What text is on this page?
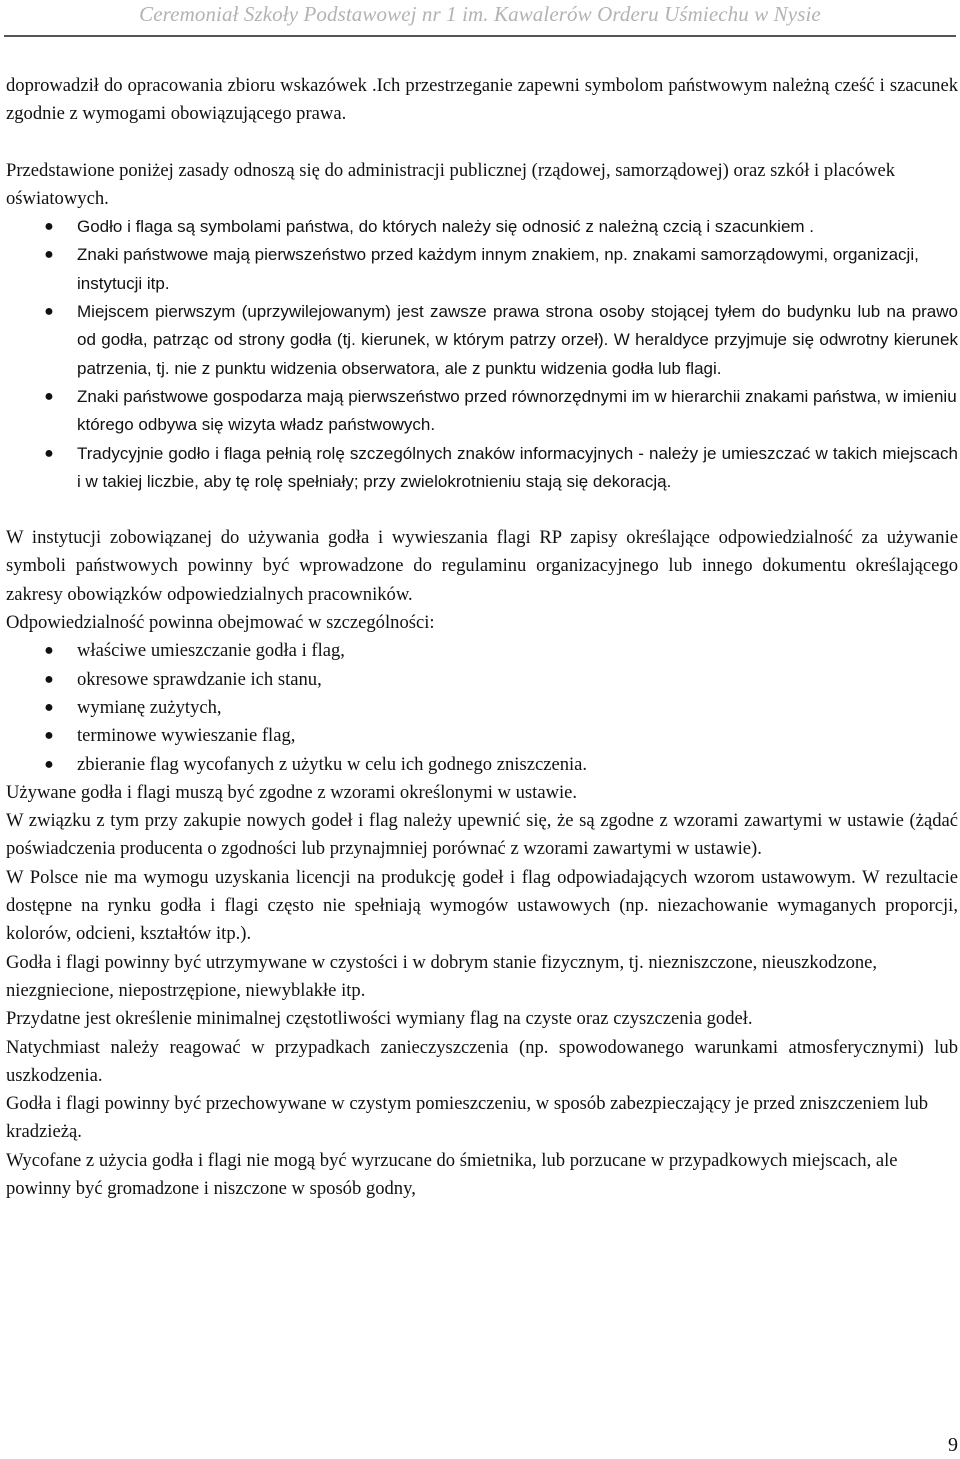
Ceremoniał Szkoły Podstawowej nr 1 im. Kawalerów Orderu Uśmiechu w Nysie

doprowadził do opracowania zbioru wskazówek .Ich przestrzeganie zapewni symbolom państwowym należną cześć i szacunek zgodnie z wymogami obowiązującego prawa.

Przedstawione poniżej zasady odnoszą się do administracji publicznej (rządowej, samorządowej) oraz szkół i placówek oświatowych.

● Godło i flaga są symbolami państwa, do których należy się odnosić z należną czcią i szacunkiem .
● Znaki państwowe mają pierwszeństwo przed każdym innym znakiem, np. znakami samorządowymi, organizacji, instytucji itp.
● Miejscem pierwszym (uprzywilejowanym) jest zawsze prawa strona osoby stojącej tyłem do budynku lub na prawo od godła, patrząc od strony godła (tj. kierunek, w którym patrzy orzeł). W heraldyce przyjmuje się odwrotny kierunek patrzenia, tj. nie z punktu widzenia obserwatora, ale z punktu widzenia godła lub flagi.
● Znaki państwowe gospodarza mają pierwszeństwo przed równorzędnymi im w hierarchii znakami państwa, w imieniu którego odbywa się wizyta władz państwowych.
● Tradycyjnie godło i flaga pełnią rolę szczególnych znaków informacyjnych - należy je umieszczać w takich miejscach i w takiej liczbie, aby tę rolę spełniały; przy zwielokrotnieniu stają się dekoracją.

W instytucji zobowiązanej do używania godła i wywieszania flagi RP zapisy określające odpowiedzialność za używanie symboli państwowych powinny być wprowadzone do regulaminu organizacyjnego lub innego dokumentu określającego zakresy obowiązków odpowiedzialnych pracowników.

Odpowiedzialność powinna obejmować w szczególności:

● właściwe umieszczanie godła i flag,
● okresowe sprawdzanie ich stanu,
● wymianę zużytych,
● terminowe wywieszanie flag,
● zbieranie flag wycofanych z użytku w celu ich godnego zniszczenia.

Używane godła i flagi muszą być zgodne z wzorami określonymi w ustawie.

W związku z tym przy zakupie nowych godeł i flag należy upewnić się, że są zgodne z wzorami zawartymi w ustawie (żądać poświadczenia producenta o zgodności lub przynajmniej porównać z wzorami zawartymi w ustawie).

W Polsce nie ma wymogu uzyskania licencji na produkcję godeł i flag odpowiadających wzorom ustawowym. W rezultacie dostępne na rynku godła i flagi często nie spełniają wymogów ustawowych (np. niezachowanie wymaganych proporcji, kolorów, odcieni, kształtów itp.).

Godła i flagi powinny być utrzymywane w czystości i w dobrym stanie fizycznym, tj. niezniszczone, nieuszkodzone, niezgniecione, niepostrzępione, niewyblakłe itp.

Przydatne jest określenie minimalnej częstotliwości wymiany flag na czyste oraz czyszczenia godeł.

Natychmiast należy reagować w przypadkach zanieczyszczenia (np. spowodowanego warunkami atmosferycznymi) lub uszkodzenia.

Godła i flagi powinny być przechowywane w czystym pomieszczeniu, w sposób zabezpieczający je przed zniszczeniem lub kradzieżą.

Wycofane z użycia godła i flagi nie mogą być wyrzucane do śmietnika, lub porzucane w przypadkowych miejscach, ale powinny być gromadzone i niszczone w sposób godny,

9
